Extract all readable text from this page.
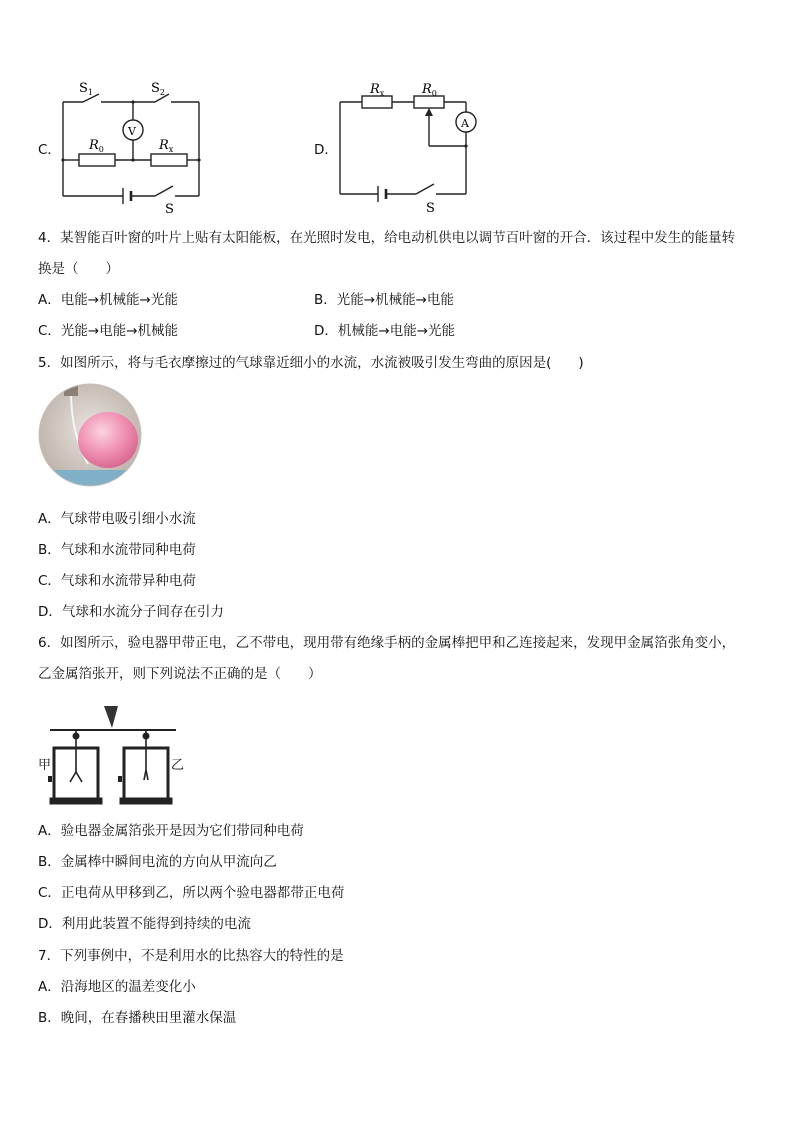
C．
$S_1$	$S_2$
V
$R_0$	$R_x$
S
D．
$R_x$	$R_0$
A
S
4．某智能百叶窗的叶片上贴有太阳能板，在光照时发电，给电动机供电以调节百叶窗的开合．该过程中发生的能量转
换是（　　）
A．电能→机械能→光能	B．光能→机械能→电能
C．光能→电能→机械能	D．机械能→电能→光能
5．如图所示，将与毛衣摩擦过的气球靠近细小的水流，水流被吸引发生弯曲的原因是(　　)
A．气球带电吸引细小水流
B．气球和水流带同种电荷
C．气球和水流带异种电荷
D．气球和水流分子间存在引力
6．如图所示，验电器甲带正电，乙不带电，现用带有绝缘手柄的金属棒把甲和乙连接起来，发现甲金属箔张角变小，
乙金属箔张开，则下列说法不正确的是（　　）
甲	乙
A．验电器金属箔张开是因为它们带同种电荷
B．金属棒中瞬间电流的方向从甲流向乙
C．正电荷从甲移到乙，所以两个验电器都带正电荷
D．利用此装置不能得到持续的电流
7．下列事例中，不是利用水的比热容大的特性的是
A．沿海地区的温差变化小
B．晚间，在春播秧田里灌水保温
